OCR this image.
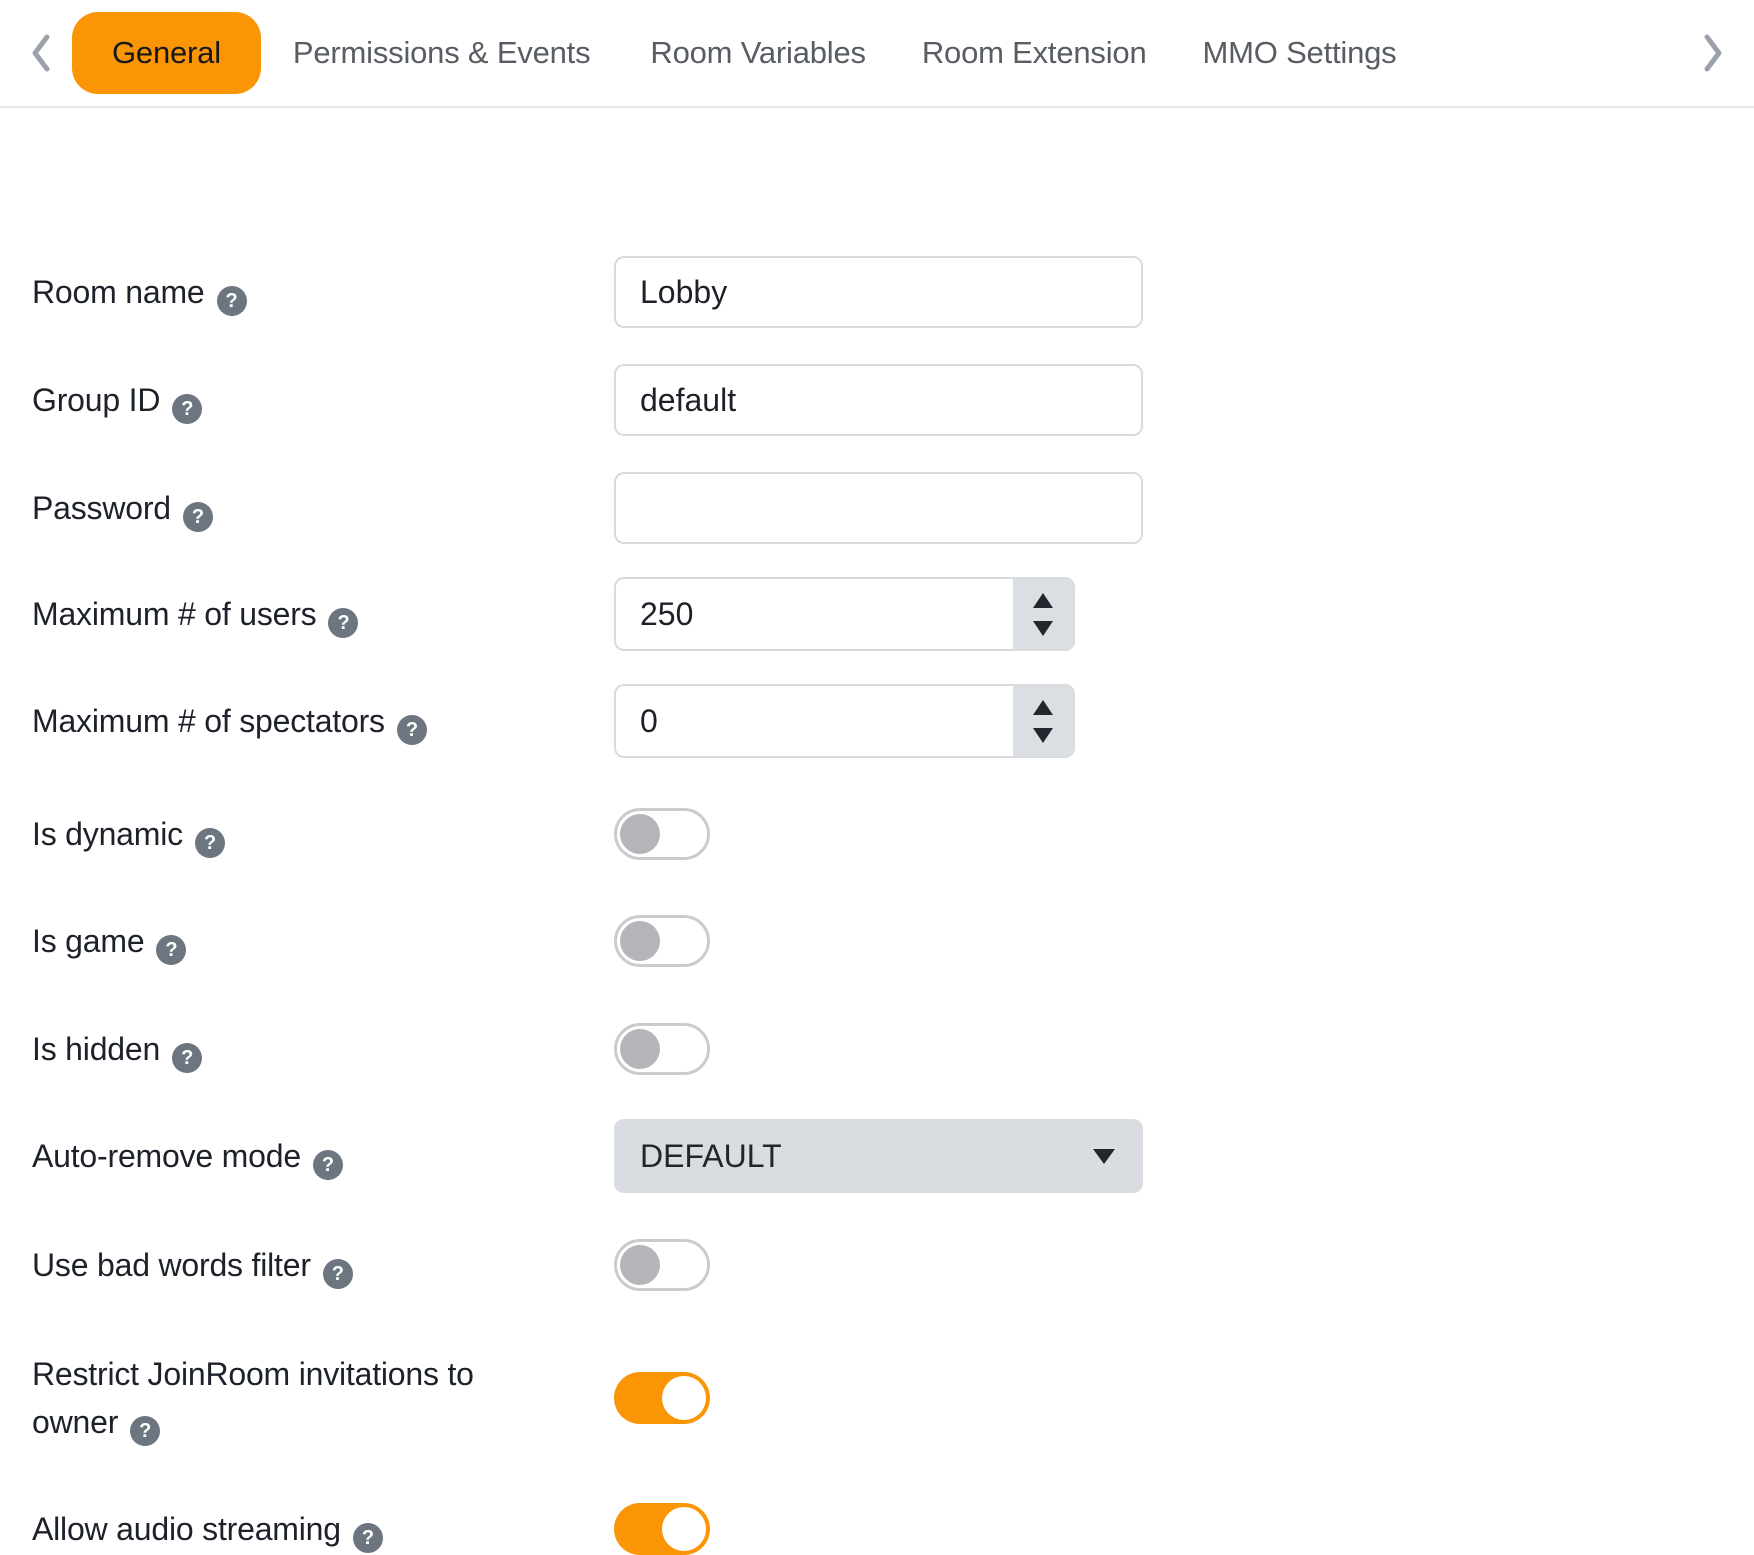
General	Permissions & Events Room Variables Room Extension MMO Settings
Room name ?
Lobby
Group ID ?
default
Password ?
Maximum # of users ?
250
Maximum # of spectators ?
0
Is dynamic ?
Is game ?
Is hidden ?
Auto-remove mode ?	DEFAULT
Use bad words filter ?
Restrict JoinRoom invitations to owner ?
Allow audio streaming ?
